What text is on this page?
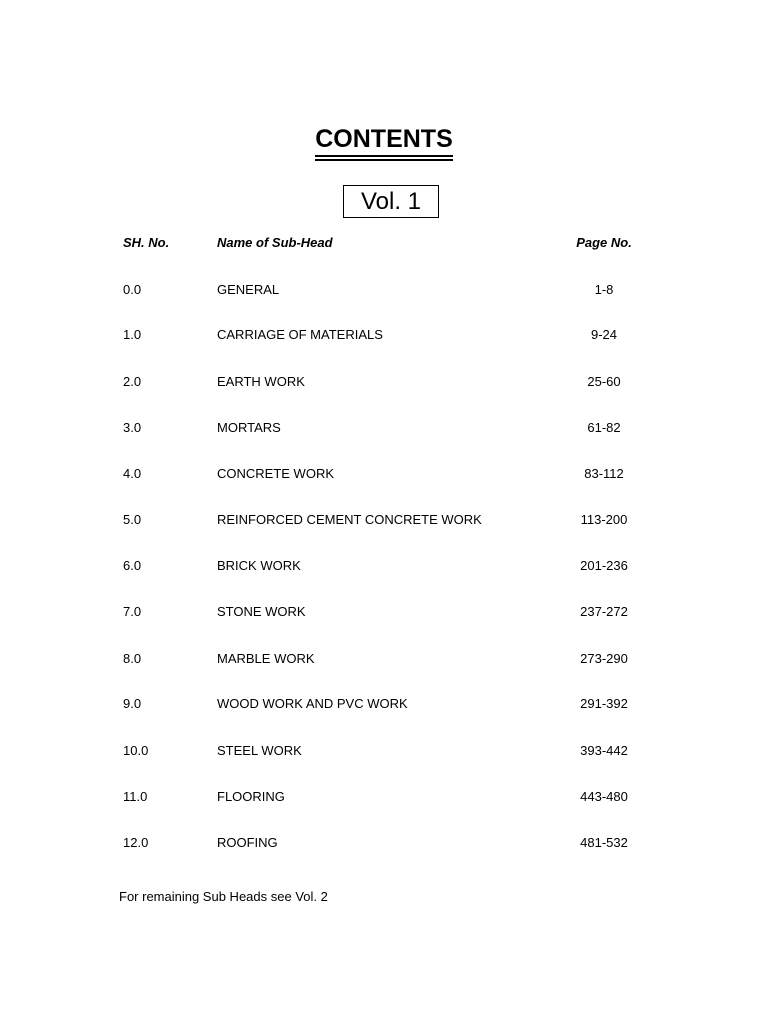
CONTENTS
Vol. 1
SH. No.	Name of Sub-Head	Page No.
0.0	GENERAL	1-8
1.0	CARRIAGE OF MATERIALS	9-24
2.0	EARTH WORK	25-60
3.0	MORTARS	61-82
4.0	CONCRETE WORK	83-112
5.0	REINFORCED CEMENT CONCRETE WORK	113-200
6.0	BRICK WORK	201-236
7.0	STONE WORK	237-272
8.0	MARBLE WORK	273-290
9.0	WOOD WORK AND PVC WORK	291-392
10.0	STEEL WORK	393-442
11.0	FLOORING	443-480
12.0	ROOFING	481-532
For remaining Sub Heads see Vol. 2
